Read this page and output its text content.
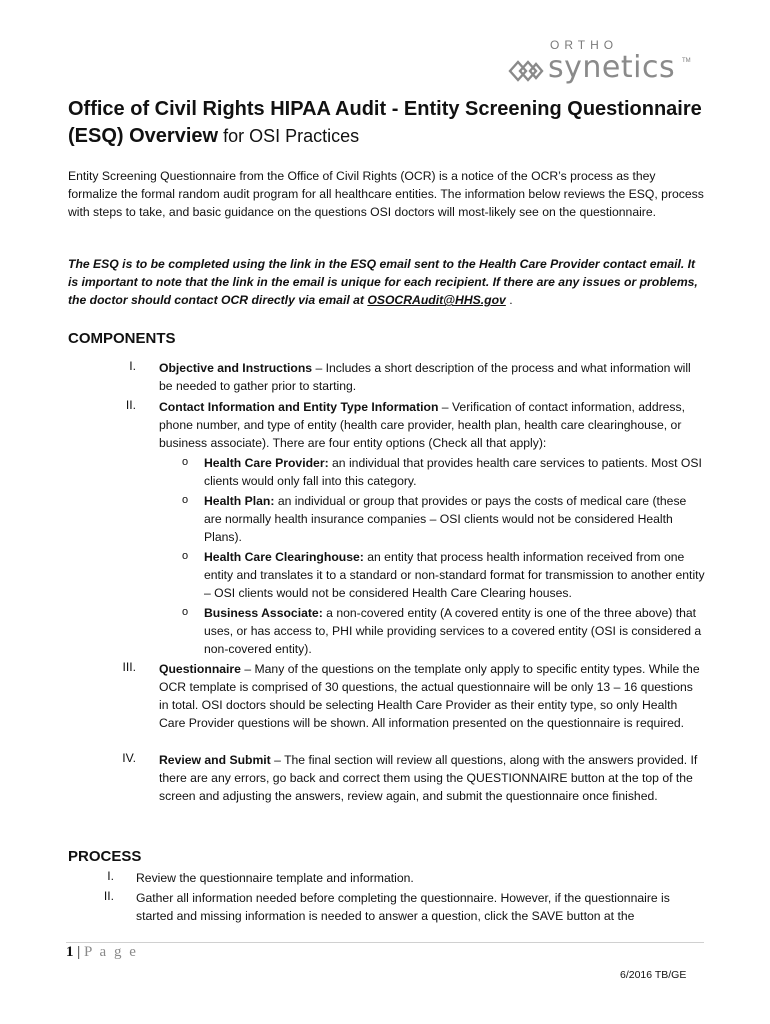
ORTHO
synetics TM
Office of Civil Rights HIPAA Audit - Entity Screening Questionnaire
(ESQ) Overview for OSI Practices
Entity Screening Questionnaire from the Office of Civil Rights (OCR) is a notice of the OCR’s process as they formalize the formal random audit program for all healthcare entities. The information below reviews the ESQ, process with steps to take, and basic guidance on the questions OSI doctors will most-likely see on the questionnaire.
The ESQ is to be completed using the link in the ESQ email sent to the Health Care Provider contact email. It is important to note that the link in the email is unique for each recipient. If there are any issues or problems, the doctor should contact OCR directly via email at OSOCRAudit@HHS.gov .
COMPONENTS
I. Objective and Instructions – Includes a short description of the process and what information will be needed to gather prior to starting.
II. Contact Information and Entity Type Information – Verification of contact information, address, phone number, and type of entity (health care provider, health plan, health care clearinghouse, or business associate). There are four entity options (Check all that apply):
o Health Care Provider: an individual that provides health care services to patients. Most OSI clients would only fall into this category.
o Health Plan: an individual or group that provides or pays the costs of medical care (these are normally health insurance companies – OSI clients would not be considered Health Plans).
o Health Care Clearinghouse: an entity that process health information received from one entity and translates it to a standard or non-standard format for transmission to another entity – OSI clients would not be considered Health Care Clearing houses.
o Business Associate: a non-covered entity (A covered entity is one of the three above) that uses, or has access to, PHI while providing services to a covered entity (OSI is considered a non-covered entity).
III. Questionnaire – Many of the questions on the template only apply to specific entity types. While the OCR template is comprised of 30 questions, the actual questionnaire will be only 13 – 16 questions in total. OSI doctors should be selecting Health Care Provider as their entity type, so only Health Care Provider questions will be shown. All information presented on the questionnaire is required.
IV. Review and Submit – The final section will review all questions, along with the answers provided. If there are any errors, go back and correct them using the QUESTIONNAIRE button at the top of the screen and adjusting the answers, review again, and submit the questionnaire once finished.
PROCESS
I. Review the questionnaire template and information.
II. Gather all information needed before completing the questionnaire. However, if the questionnaire is started and missing information is needed to answer a question, click the SAVE button at the
1 | P a g e
6/2016 TB/GE
